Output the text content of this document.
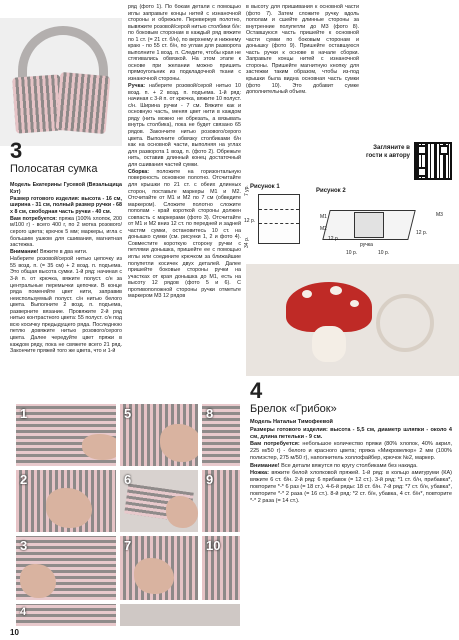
3
Полосатая сумка

Модель Екатерины Гусевой (Вязальщица Кэт)

Размер готового изделия: высота - 16 см, ширина - 31 см, полный размер ручки - 68 х 8 см, свободная часть ручки - 40 см.

Вам потребуется: пряжа (100% хлопок, 200 м/100 г) - всего 400 г, по 2 мотка розового/серого цвета; крючок 5 мм; маркеры, игла с большим ушком для сшивания, магнитная застежка.

Внимание! Вяжите в два нити.

Наберите розовой/серой нитью цепочку из 55 возд. п. (= 35 см) + 2 возд. п. подъема. Это общая высота сумки. 1-й ряд: начиная с 3-й п. от крючка, вяжите полуст. с/н за центральные перемычки цепочки. В конце ряда поменяйте цвет нити, заправив неиспользуемый полуст. с/н нитью белого цвета. Выполните 2 возд. п. подъема, разверните вязание. Провяжите 2-й ряд нитью контрастного цвета: 55 полуст. с/н под всю косичку предыдущего ряда. Последнюю петлю довяжите нитью розового/серого цвета. Далее чередуйте цвет пряжи в каждом ряду, пока не свяжете всего 21 ряд. Закончите пряжей того же цвета, что и 1-й

ряд (фото 1). По бокам детали с помощью иглы заправьте концы нитей с изнаночной стороны и обрежьте. Перевернув полотно, вывяжите розовой/серой нитью столбики б/н: по боковым сторонам в каждый ряд вяжите по 1 ст. (= 21 ст. б/н), по верхнему и нижнему краю - по 55 ст. б/н, по углам для разворота выполните 1 возд. п. Следите, чтобы края не стягивались обвязкой. На этом этапе к основе при желании можно пришить прямоугольник из подкладочной ткани с изнаночной стороны.

Ручка: наберите розовой/серой нитью 10 возд. п. + 2 возд. п. подъема. 1-й ряд: начиная с 3-й п. от крючка, вяжите 10 полуст. с/н. Ширина ручки - 7 см. Вяжите как и основную часть, меняя цвет нити в каждом ряду (нить можно не обрезать, а вязывать внутрь столбика), пока не будет связано 65 рядов. Закончите нитью розового/серого цвета. Выполните обвязку столбиками б/н как на основной части, выполняя на углах для разворота 1 возд. п. (фото 2). Обрежьте нить, оставив длинный конец достаточный для сшивания частей сумки.

Сборка: положите на горизонтальную поверхность основное полотно. Отсчитайте для крышки по 21 ст. с обеих длинных сторон, поставьте маркеры М1 и М2. Отсчитайте от М1 и М2 по 7 см (обведите маркером). Сложите полотно сложите пополам - край короткой стороны должен совпасть с маркерами (фото 3). Отсчитайте от М1 и М2 вниз 12 ст. по передней и задней частям сумки, остановитесь 10 ст. на донышко сумки (см. рисунки 1, 2 и фото 4). Совместите короткую сторону ручки с петлями донышка, пришейте ее с помощью иглы или соедините крючком за ближайшие полупетли косичек двух деталей. Далее пришейте боковые стороны ручки на участках от края донышка до М1, есть на высоту 12 рядов (фото 5 и 6). С противоположной стороны ручки отметьте маркером М3 12 рядов

в высоту для пришивания к основной части (фото 7). Затем сложите ручку вдоль пополам и сшейте длинные стороны за внутренние полупетли до М3 (фото 8). Оставшуюся часть пришейте к основной части сумки по боковым сторонам и донышку (фото 9). Пришейте оставшуюся часть ручки к основе в начале сборки. Заправьте концы нитей с изнаночной стороны. Пришейте магнитную кнопку для застежки таким образом, чтобы из-под крышки была видна основная часть сумки (фото 10). Это добавит сумке дополнительный объем.

Загляните в гости к автору
Рисунок 1
7 ур.
12 р.
34 р.
Рисунок 2
М1
М2
12 р.
12 р.
ручка
10 р.	10 р.
М3
4
Брелок «Грибок»

Модель Натальи Тимофеевой

Размеры готового изделия: высота - 5,5 см, диаметр шляпки - около 4 см, длина петельки - 9 см.

Вам потребуется: небольшое количество пряжи (80% хлопок, 40% акрил, 225 м/50 г) - белого и красного цвета; пряжа «Микровелюр» 2 мм (100% полиэстер, 275 м/50 г), наполнитель холлофайбер, крючок №2, маркер.

Внимание! Все детали вяжутся по кругу столбиками без накида.

Ножка: вяжите белой хлопковой пряжей. 1-й ряд: в кольцо амигуруми (КА) вяжите 6 ст. б/н. 2-й ряд: 6 прибавок (= 12 ст.). 3-й ряд: *1 ст. б/н, прибавка*, повторите *-* 6 раз (= 18 ст.). 4-6-й ряды: 18 ст. б/н. 7-й ряд: *7 ст. б/н, убавка*, повторите *-* 2 раза (= 16 ст.). 8-й ряд: *2 ст. б/н, убавка, 4 ст. б/н*, повторите *-* 2 раза (= 14 ст.).

1	5	8
2	6	9
3	7	10
4
10
